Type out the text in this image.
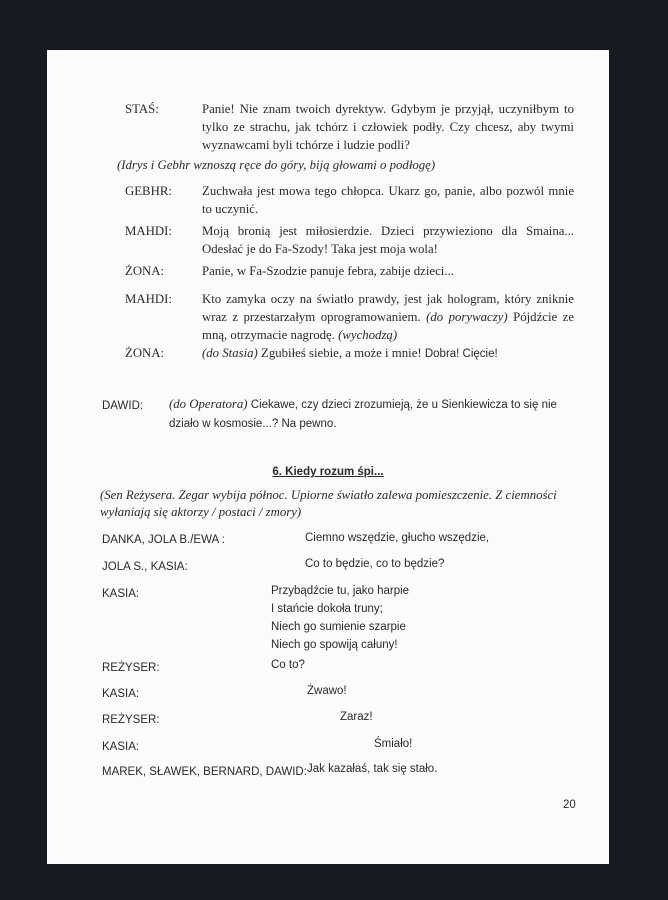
STAŚ:	Panie! Nie znam twoich dyrektyw. Gdybym je przyjął, uczyniłbym to tylko ze strachu, jak tchórz i człowiek podły. Czy chcesz, aby twymi wyznawcami byli tchórze i ludzie podli?
(Idrys i Gebhr wznoszą ręce do góry, biją głowami o podłogę)
GEBHR: Zuchwała jest mowa tego chłopca. Ukarz go, panie, albo pozwól mnie to uczynić.
MAHDI: Moją bronią jest miłosierdzie. Dzieci przywieziono dla Smaina... Odesłać je do Fa-Szody! Taka jest moja wola!
ŻONA:	Panie, w Fa-Szodzie panuje febra, zabije dzieci...
MAHDI: Kto zamyka oczy na światło prawdy, jest jak hologram, który zniknie wraz z przestarzałym oprogramowaniem. (do porywaczy) Pójdźcie ze mną, otrzymacie nagrodę. (wychodzą)
ŻONA:	(do Stasia) Zgubiłeś siebie, a może i mnie! Dobra! Cięcie!
DAWID: (do Operatora) Ciekawe, czy dzieci zrozumieją, że u Sienkiewicza to się nie działo w kosmosie...? Na pewno.
6. Kiedy rozum śpi...
(Sen Reżysera. Zegar wybija północ. Upiorne światło zalewa pomieszczenie. Z ciemności wyłaniają się aktorzy / postaci / zmory)
DANKA, JOLA B./EWA :	Ciemno wszędzie, głucho wszędzie,
JOLA S., KASIA:	Co to będzie, co to będzie?
KASIA:	Przybądźcie tu, jako harpie
I stańcie dokoła truny;
Niech go sumienie szarpie
Niech go spowiją całuny!
REŻYSER:	Co to?
KASIA:	Żwawo!
REŻYSER:	Zaraz!
KASIA:	Śmiało!
MAREK, SŁAWEK, BERNARD, DAWID: Jak kazałaś, tak się stało.
20
